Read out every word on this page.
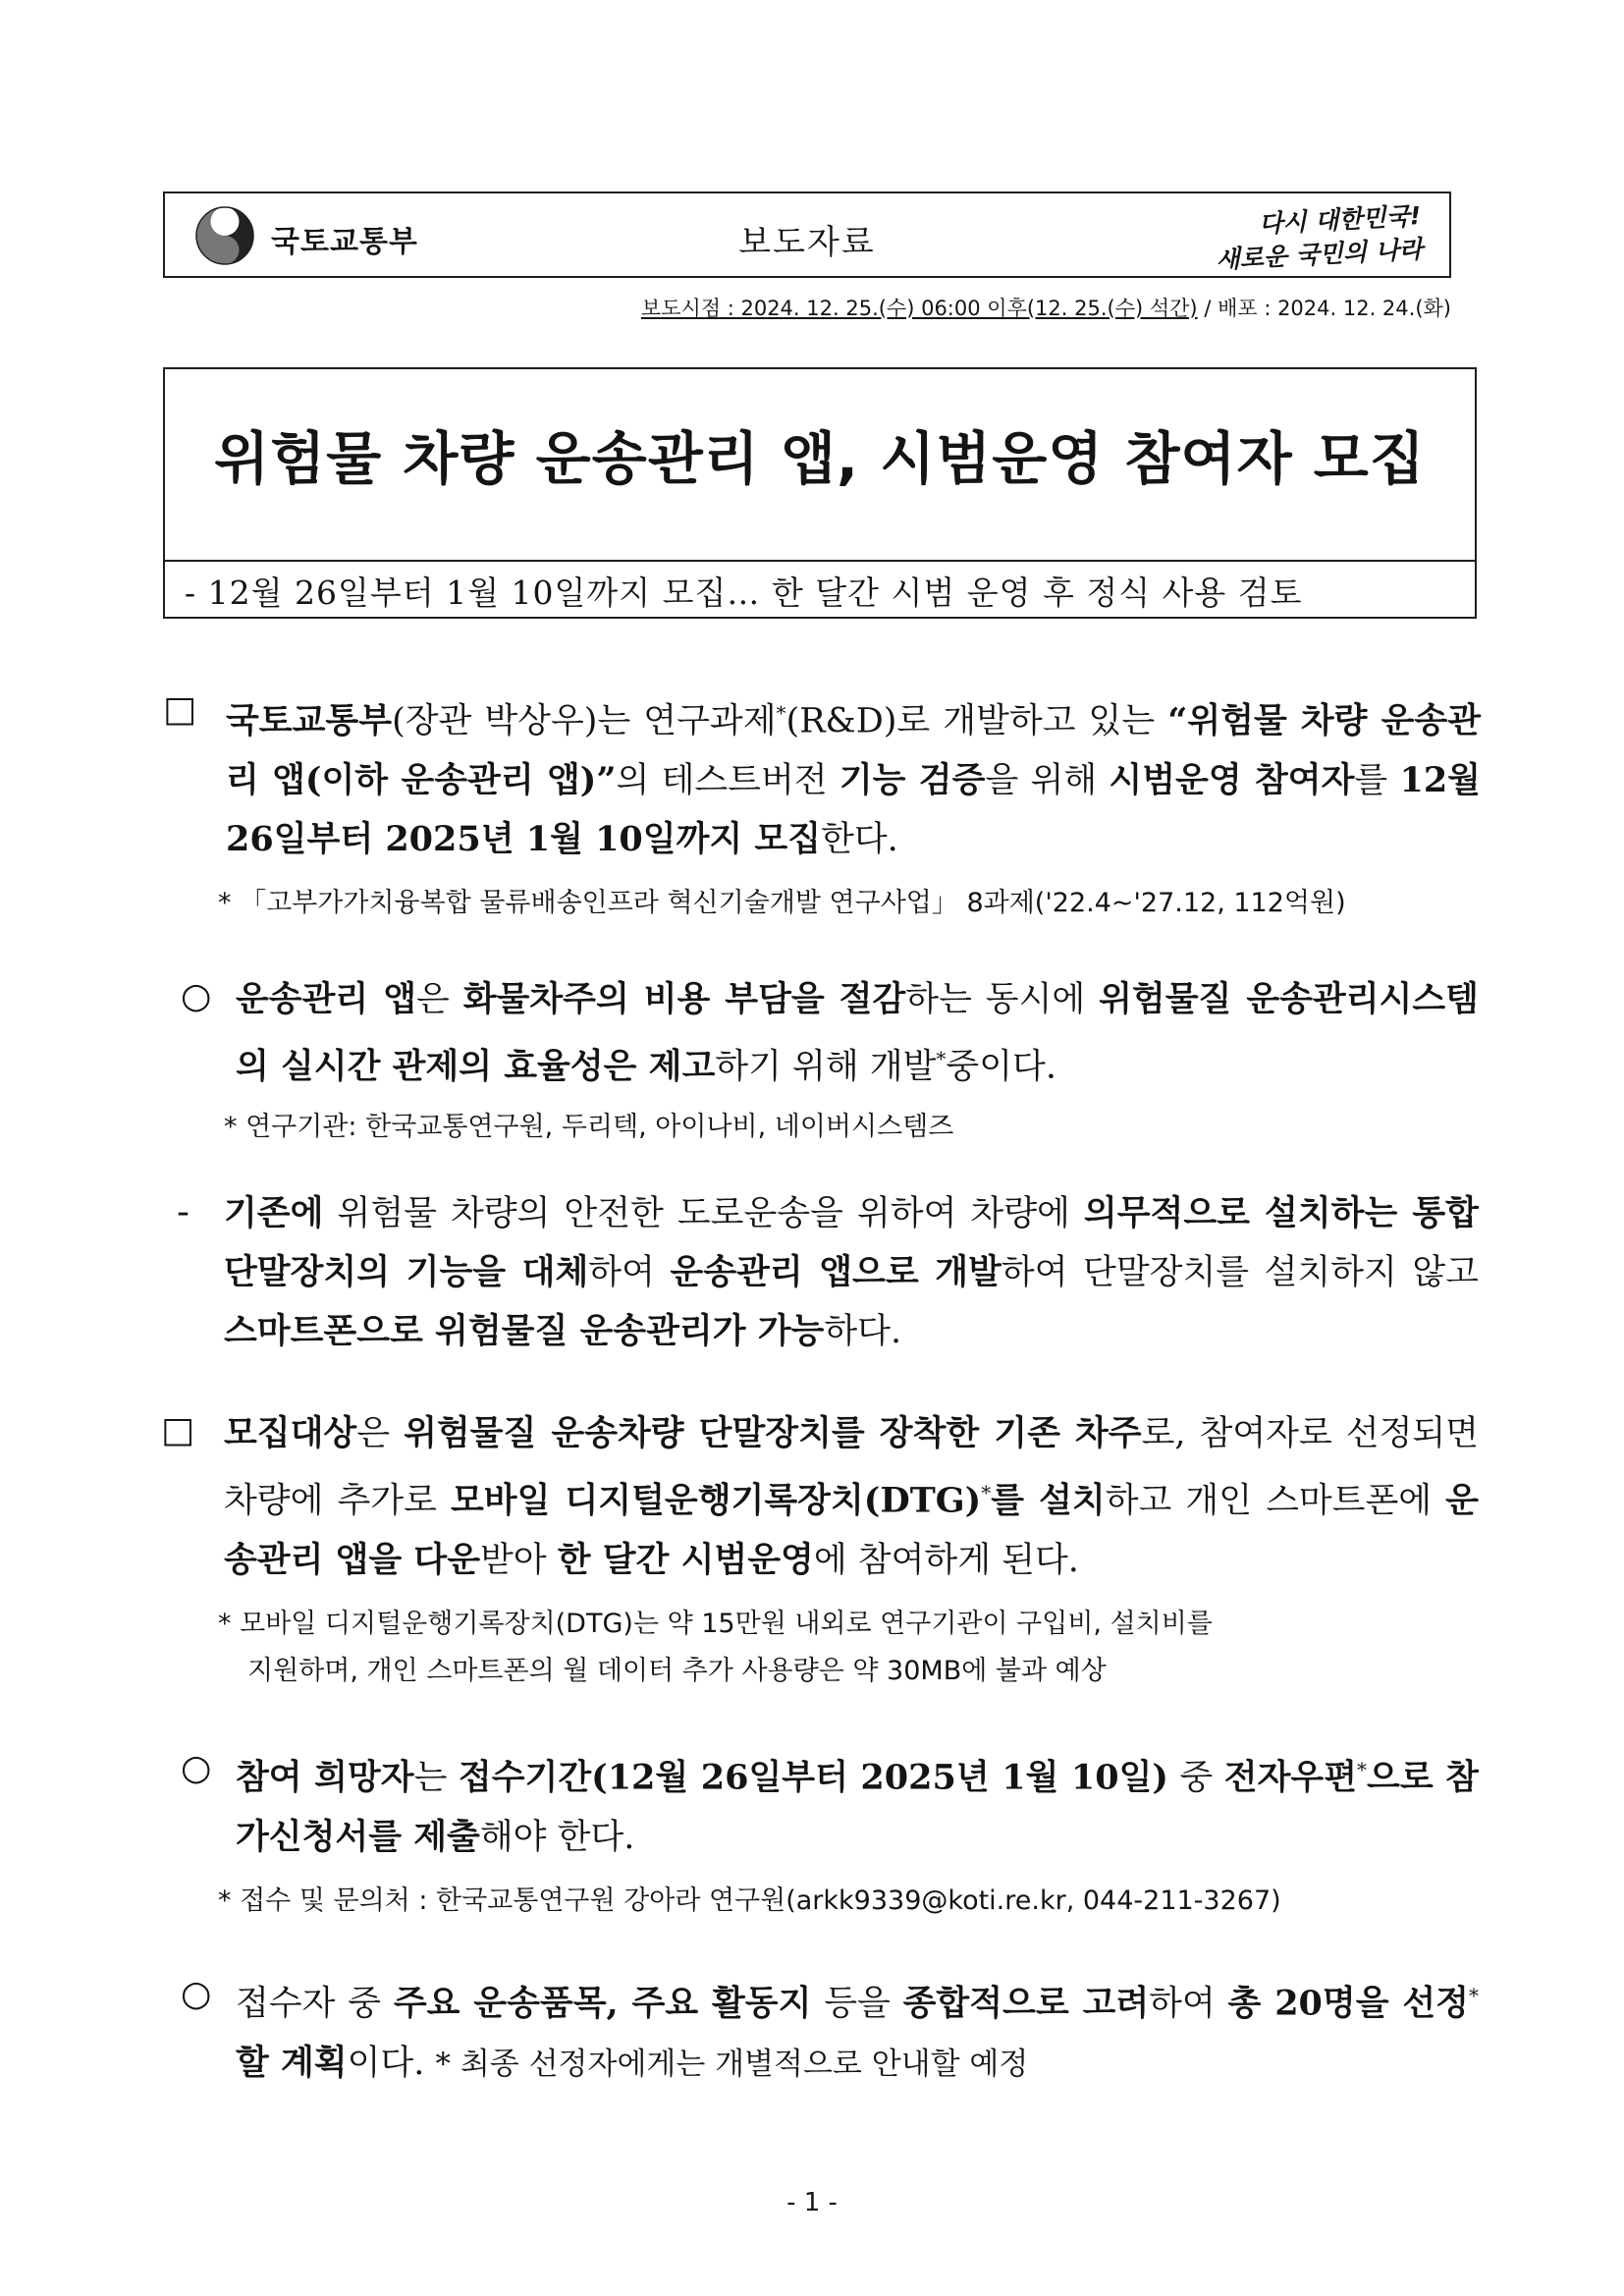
국토교통부	보도자료
다시 대한민국!
새로운 국민의 나라
보도시점 : 2024. 12. 25.(수) 06:00 이후(12. 25.(수) 석간) / 배포 : 2024. 12. 24.(화)
위험물 차량 운송관리 앱, 시범운영 참여자 모집
- 12월 26일부터 1월 10일까지 모집… 한 달간 시범 운영 후 정식 사용 검토
□ 국토교통부(장관 박상우)는 연구과제*(R&D)로 개발하고 있는 “위험물 차량 운송관리 앱(이하 운송관리 앱)”의 테스트버전 기능 검증을 위해 시범운영 참여자를 12월 26일부터 2025년 1월 10일까지 모집한다.
* 「고부가가치융복합 물류배송인프라 혁신기술개발 연구사업」 8과제('22.4~'27.12, 112억원)
○ 운송관리 앱은 화물차주의 비용 부담을 절감하는 동시에 위험물질 운송관리시스템의 실시간 관제의 효율성은 제고하기 위해 개발*중이다.
* 연구기관: 한국교통연구원, 두리텍, 아이나비, 네이버시스템즈
- 기존에 위험물 차량의 안전한 도로운송을 위하여 차량에 의무적으로 설치하는 통합단말장치의 기능을 대체하여 운송관리 앱으로 개발하여 단말장치를 설치하지 않고 스마트폰으로 위험물질 운송관리가 가능하다.
□ 모집대상은 위험물질 운송차량 단말장치를 장착한 기존 차주로, 참여자로 선정되면 차량에 추가로 모바일 디지털운행기록장치(DTG)*를 설치하고 개인 스마트폰에 운송관리 앱을 다운받아 한 달간 시범운영에 참여하게 된다.
* 모바일 디지털운행기록장치(DTG)는 약 15만원 내외로 연구기관이 구입비, 설치비를
지원하며, 개인 스마트폰의 월 데이터 추가 사용량은 약 30MB에 불과 예상
○ 참여 희망자는 접수기간(12월 26일부터 2025년 1월 10일) 중 전자우편*으로 참가신청서를 제출해야 한다.
* 접수 및 문의처 : 한국교통연구원 강아라 연구원(arkk9339@koti.re.kr, 044-211-3267)
○ 접수자 중 주요 운송품목, 주요 활동지 등을 종합적으로 고려하여 총 20명을 선정*할 계획이다. * 최종 선정자에게는 개별적으로 안내할 예정
- 1 -
